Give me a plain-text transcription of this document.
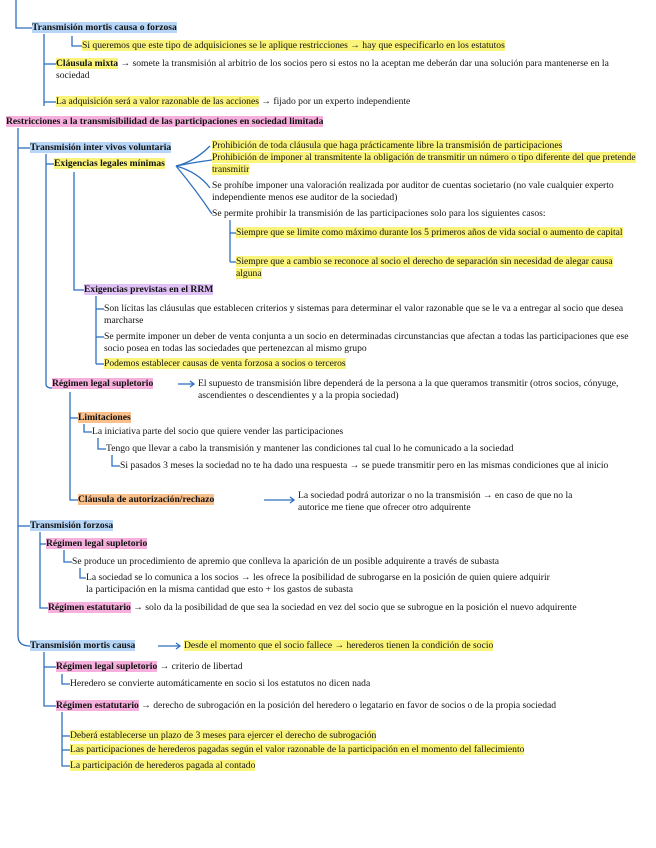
Transmisión mortis causa o forzosa
Si queremos que este tipo de adquisiciones se le aplique restricciones → hay que especificarlo en los estatutos
Cláusula mixta → somete la transmisión al arbitrio de los socios pero si estos no la aceptan me deberán dar una solución para mantenerse en la sociedad
La adquisición será a valor razonable de las acciones → fijado por un experto independiente
Restricciones a la transmisibilidad de las participaciones en sociedad limitada
Transmisión inter vivos voluntaria
Exigencias legales mínimas
Prohibición de toda cláusula que haga prácticamente libre la transmisión de participaciones
Prohibición de imponer al transmitente la obligación de transmitir un número o tipo diferente del que pretende transmitir
Se prohíbe imponer una valoración realizada por auditor de cuentas societario (no vale cualquier experto independiente menos ese auditor de la sociedad)
Se permite prohibir la transmisión de las participaciones solo para los siguientes casos:
Siempre que se limite como máximo durante los 5 primeros años de vida social o aumento de capital
Siempre que a cambio se reconoce al socio el derecho de separación sin necesidad de alegar causa alguna
Exigencias previstas en el RRM
Son lícitas las cláusulas que establecen criterios y sistemas para determinar el valor razonable que se le va a entregar al socio que desea marcharse
Se permite imponer un deber de venta conjunta a un socio en determinadas circunstancias que afectan a todas las participaciones que ese socio posea en todas las sociedades que pertenezcan al mismo grupo
Podemos establecer causas de venta forzosa a socios o terceros
Régimen legal supletorio	El supuesto de transmisión libre dependerá de la persona a la que queramos transmitir (otros socios, cónyuge, ascendientes o descendientes y a la propia sociedad)
Limitaciones
La iniciativa parte del socio que quiere vender las participaciones
Tengo que llevar a cabo la transmisión y mantener las condiciones tal cual lo he comunicado a la sociedad
Si pasados 3 meses la sociedad no te ha dado una respuesta → se puede transmitir pero en las mismas condiciones que al inicio
Cláusula de autorización/rechazo	La sociedad podrá autorizar o no la transmisión → en caso de que no la autorice me tiene que ofrecer otro adquirente
Transmisión forzosa
Régimen legal supletorio
Se produce un procedimiento de apremio que conlleva la aparición de un posible adquirente a través de subasta
La sociedad se lo comunica a los socios → les ofrece la posibilidad de subrogarse en la posición de quien quiere adquirir la participación en la misma cantidad que esto + los gastos de subasta
Régimen estatutario → solo da la posibilidad de que sea la sociedad en vez del socio que se subrogue en la posición el nuevo adquirente
Transmisión mortis causa	Desde el momento que el socio fallece → herederos tienen la condición de socio
Régimen legal supletorio → criterio de libertad
Heredero se convierte automáticamente en socio si los estatutos no dicen nada
Régimen estatutario → derecho de subrogación en la posición del heredero o legatario en favor de socios o de la propia sociedad
Deberá establecerse un plazo de 3 meses para ejercer el derecho de subrogación
Las participaciones de herederos pagadas según el valor razonable de la participación en el momento del fallecimiento
La participación de herederos pagada al contado
